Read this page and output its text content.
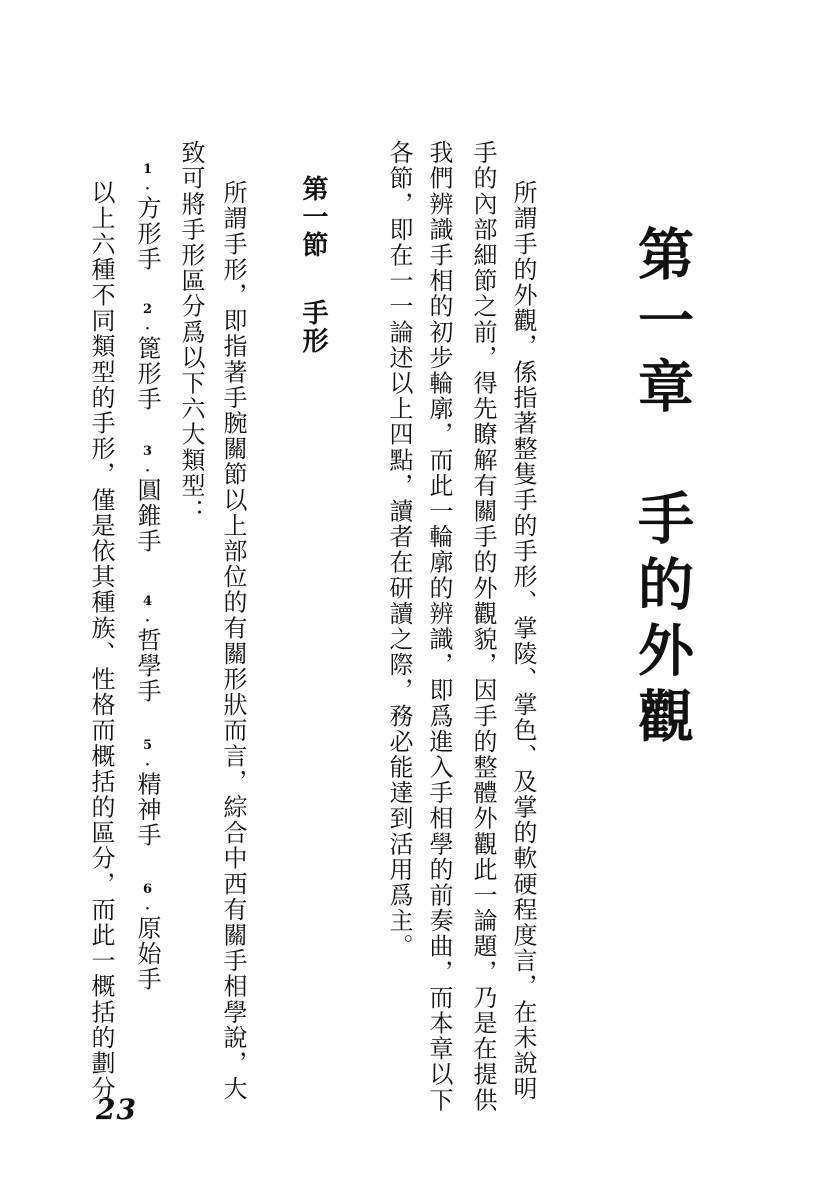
第一章　手的外觀

所謂手的外觀，係指著整隻手的手形、掌陵、掌色、及掌的軟硬程度言，在未說明

手的內部細節之前，得先瞭解有關手的外觀貌，因手的整體外觀此一論題，乃是在提供

我們辨識手相的初步輪廓，而此一輪廓的辨識，即爲進入手相學的前奏曲，而本章以下

各節，即在一一論述以上四點，讀者在研讀之際，務必能達到活用爲主。

第一節手形

所謂手形，即指著手腕關節以上部位的有關形狀而言，綜合中西有關手相學說，大

致可將手形區分爲以下六大類型：

1.方形手
2.篦形手
3.圓錐手
4.哲學手
5.精神手
6.原始手

以上六種不同類型的手形，僅是依其種族、性格而概括的區分，而此一概括的劃分

23
